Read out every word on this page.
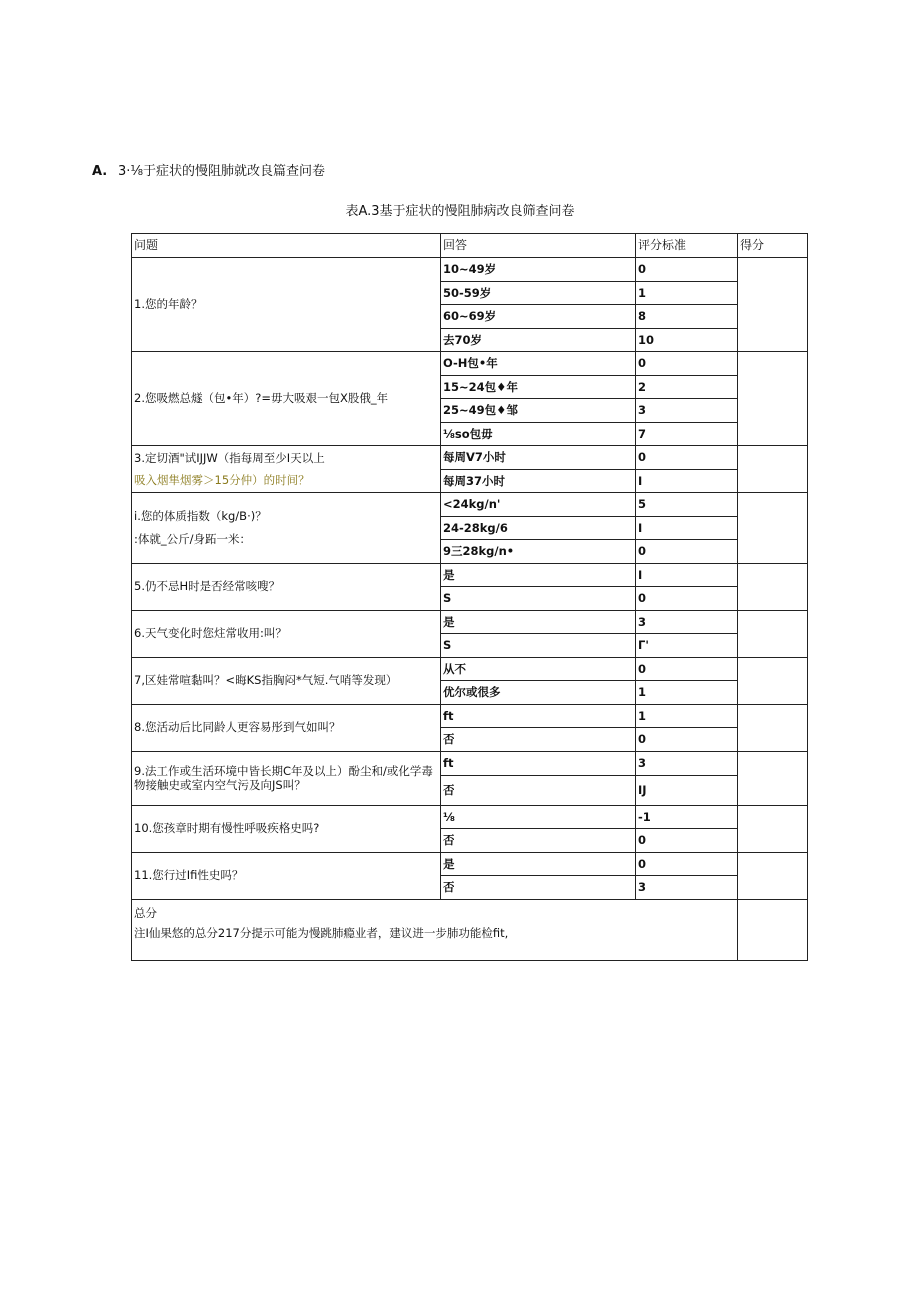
A. 3·⅛于症状的慢阻肺就改良篇查问卷
表A.3基于症状的慢阻肺病改良筛查问卷
问题	回答	评分标准	得分

1.您的年龄？	10~49岁	0	
	50-59岁	1	
	60~69岁	8	
	去70岁	10	

2.您吸燃总燧（包•年）?=毋大吸艰一包X股俄_年	O-H包•年	0	
	15~24包♦年	2	
	25~49包♦邹	3	
	⅛so包毋	7	

3.定切酒"试IJJW（指每周至少I天以上
吸入烟隼烟雾＞15分仲）的时间？	每周V7小时	0	
	每周37小时	I	

i.您的体质指数（kg/B·)？
:体就_公斤/身跖一米：	<24kg/n'	5	
	24-28kg/6	I	
	9三28kg/n•	0	

5.仍不忌H时是否经常咳嗖？	是	I	
	S	0	

6.天气变化时您炷常收用:叫？	是	3	
	S	Γ'	

7,区娃常喧黏叫？<晦KS指胸闷*气短.气哨等发现）	从不	0	
	优尔或很多	1	

8.您活动后比同龄人更容易彤到气如叫？	ft	1	
	否	0	

9.法工作或生活环境中皆长期C年及以上）酚尘和/或化学毒物接触史或室内空气污及向JS叫？	ft	3	
	否	IJ	

10.您孩章时期有慢性呼吸疾格史吗?	⅛	-1	
	否	0	

11.您行过Ifi性史吗？	是	0	
	否	3	

总分
注I仙果悠的总分217分提示可能为慢跳肺瘾业者，建议进一步肺功能检fit,			
